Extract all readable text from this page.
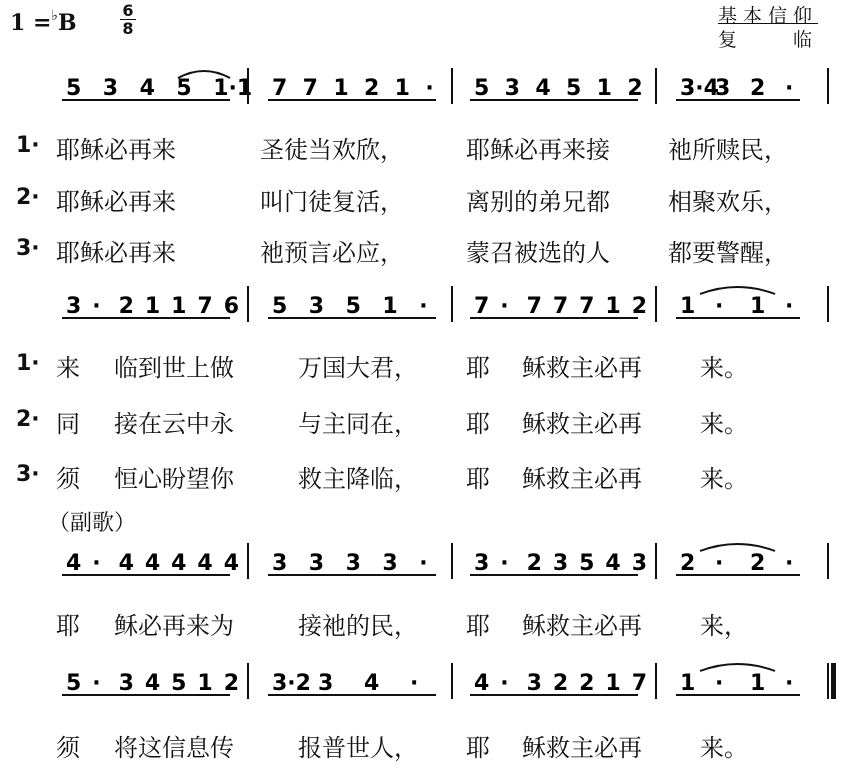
1 =♭B	6
8
基本信仰
复　　临
5 3 4 5 1·1 7 7 1 2 1 · 5 3 4 5 1 2 3·4
3 2 ·
3 · 2 1 1 7 6 5 3 5 1 · 7 · 7 7 7 1 2 1 · 1 ·
4 · 4 4 4 4 4 3 3 3 3 · 3 · 2 3 5 4 3 2 · 2 ·
5 · 3 4 5 1 2 3·2 3 4 ·	4 · 3 2 2 1 7 1 · 1 ·
1· 耶稣必再来	圣徒当欢欣，	耶稣必再来接 祂所赎民，
2· 耶稣必再来	叫门徒复活，	离别的弟兄都 相聚欢乐，
3· 耶稣必再来	祂预言必应，	蒙召被选的人 都要警醒，
1· 来 临到世上做	万国大君， 耶 稣救主必再 来。
2· 同 接在云中永	与主同在， 耶 稣救主必再 来。
3· 须 恒心盼望你	救主降临， 耶 稣救主必再 来。
（副歌）
耶 稣必再来为	接祂的民， 耶 稣救主必再 来，
须 将这信息传	报普世人， 耶 稣救主必再 来。
